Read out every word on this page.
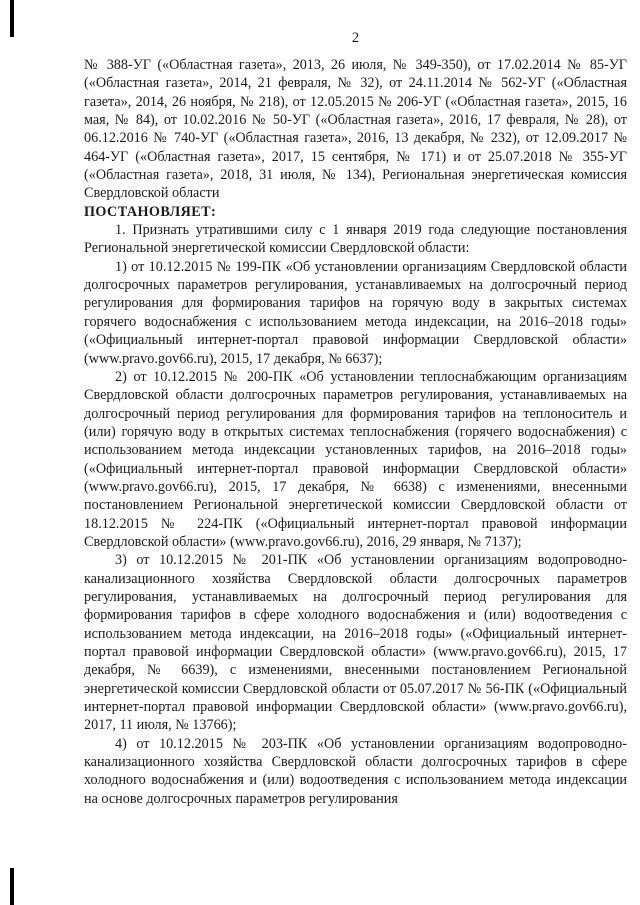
2

№ 388-УГ («Областная газета», 2013, 26 июля, № 349-350), от 17.02.2014 № 85-УГ («Областная газета», 2014, 21 февраля, № 32), от 24.11.2014 № 562-УГ («Областная газета», 2014, 26 ноября, № 218), от 12.05.2015 № 206-УГ («Областная газета», 2015, 16 мая, № 84), от 10.02.2016 № 50-УГ («Областная газета», 2016, 17 февраля, № 28), от 06.12.2016 № 740-УГ («Областная газета», 2016, 13 декабря, № 232), от 12.09.2017 № 464-УГ («Областная газета», 2017, 15 сентября, № 171) и от 25.07.2018 № 355-УГ («Областная газета», 2018, 31 июля, № 134), Региональная энергетическая комиссия Свердловской области

ПОСТАНОВЛЯЕТ:

1. Признать утратившими силу с 1 января 2019 года следующие постановления Региональной энергетической комиссии Свердловской области:

1) от 10.12.2015 № 199-ПК «Об установлении организациям Свердловской области долгосрочных параметров регулирования, устанавливаемых на долгосрочный период регулирования для формирования тарифов на горячую воду в закрытых системах горячего водоснабжения с использованием метода индексации, на 2016–2018 годы» («Официальный интернет-портал правовой информации Свердловской области» (www.pravo.gov66.ru), 2015, 17 декабря, № 6637);

2) от 10.12.2015 № 200-ПК «Об установлении теплоснабжающим организациям Свердловской области долгосрочных параметров регулирования, устанавливаемых на долгосрочный период регулирования для формирования тарифов на теплоноситель и (или) горячую воду в открытых системах теплоснабжения (горячего водоснабжения) с использованием метода индексации установленных тарифов, на 2016–2018 годы» («Официальный интернет-портал правовой информации Свердловской области» (www.pravo.gov66.ru), 2015, 17 декабря, № 6638) с изменениями, внесенными постановлением Региональной энергетической комиссии Свердловской области от 18.12.2015 № 224-ПК («Официальный интернет-портал правовой информации Свердловской области» (www.pravo.gov66.ru), 2016, 29 января, № 7137);

3) от 10.12.2015 № 201-ПК «Об установлении организациям водопроводно-канализационного хозяйства Свердловской области долгосрочных параметров регулирования, устанавливаемых на долгосрочный период регулирования для формирования тарифов в сфере холодного водоснабжения и (или) водоотведения с использованием метода индексации, на 2016–2018 годы» («Официальный интернет-портал правовой информации Свердловской области» (www.pravo.gov66.ru), 2015, 17 декабря, № 6639), с изменениями, внесенными постановлением Региональной энергетической комиссии Свердловской области от 05.07.2017 № 56-ПК («Официальный интернет-портал правовой информации Свердловской области» (www.pravo.gov66.ru), 2017, 11 июля, № 13766);

4) от 10.12.2015 № 203-ПК «Об установлении организациям водопроводно-канализационного хозяйства Свердловской области долгосрочных тарифов в сфере холодного водоснабжения и (или) водоотведения с использованием метода индексации на основе долгосрочных параметров регулирования
